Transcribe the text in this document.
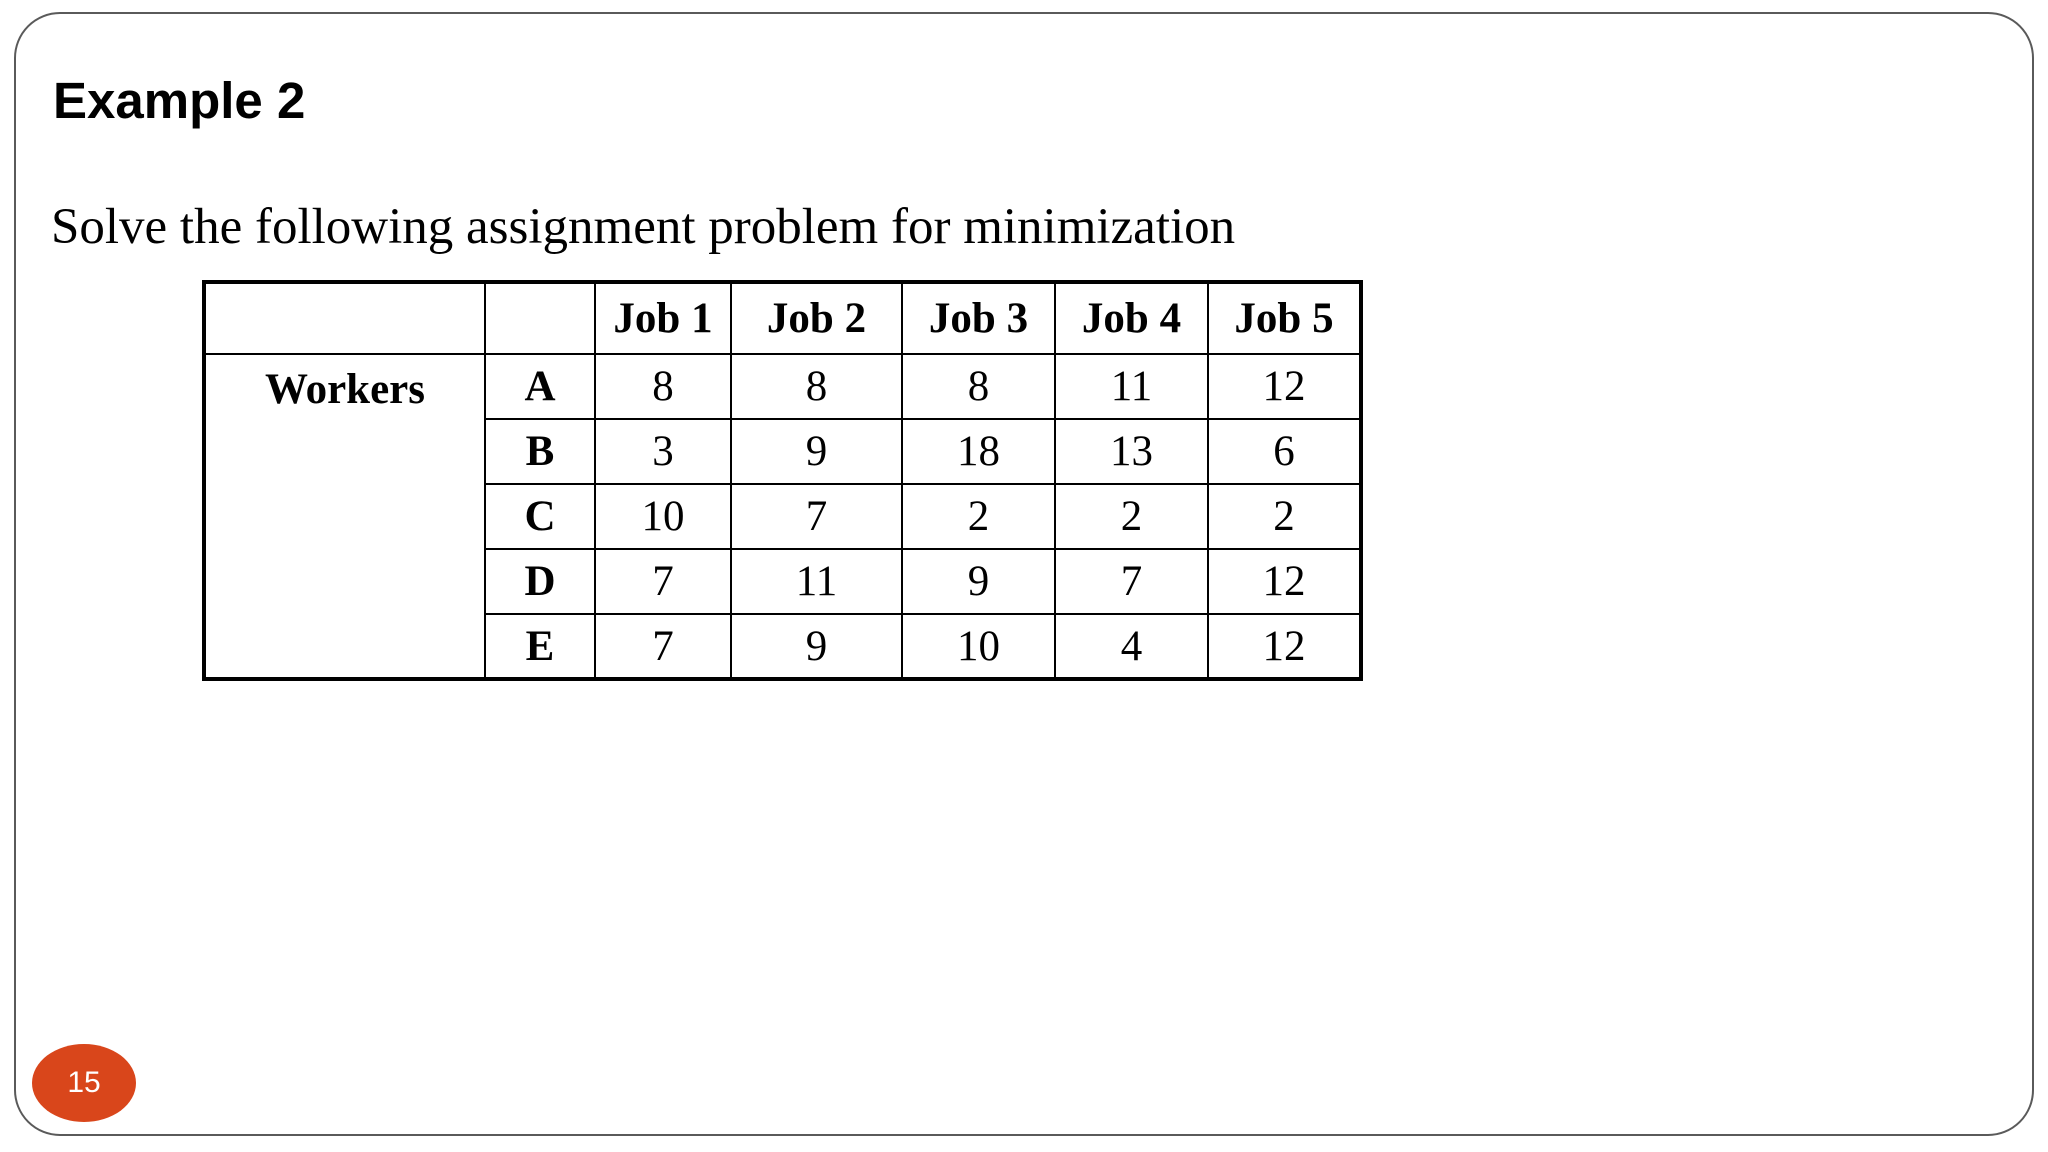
Example 2

Solve the following assignment problem for minimization

		Job 1	Job 2	Job 3	Job 4	Job 5
Workers	A	8	8	8	11	12
	B	3	9	18	13	6
	C	10	7	2	2	2
	D	7	11	9	7	12
	E	7	9	10	4	12
15
